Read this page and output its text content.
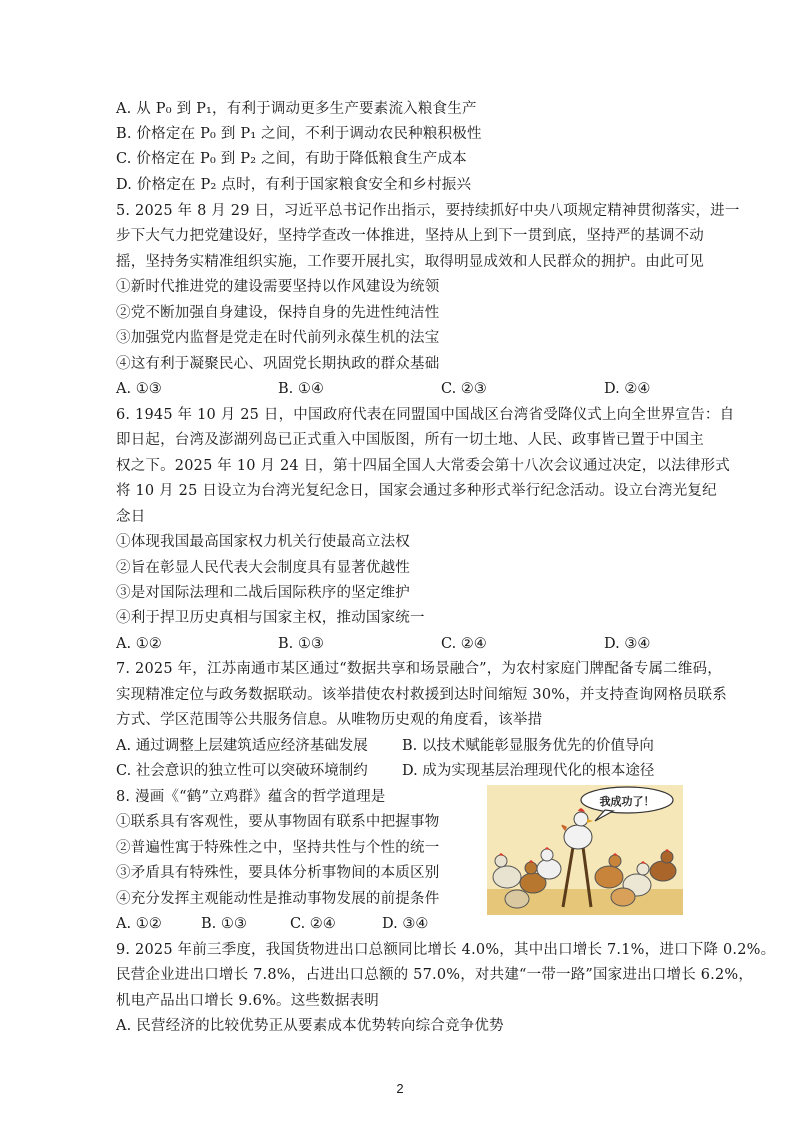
A. 从 P₀ 到 P₁，有利于调动更多生产要素流入粮食生产
B. 价格定在 P₀ 到 P₁ 之间，不利于调动农民种粮积极性
C. 价格定在 P₀ 到 P₂ 之间，有助于降低粮食生产成本
D. 价格定在 P₂ 点时，有利于国家粮食安全和乡村振兴
5. 2025 年 8 月 29 日，习近平总书记作出指示，要持续抓好中央八项规定精神贯彻落实，进一
步下大气力把党建设好，坚持学查改一体推进，坚持从上到下一贯到底，坚持严的基调不动
摇，坚持务实精准组织实施，工作要开展扎实，取得明显成效和人民群众的拥护。由此可见
①新时代推进党的建设需要坚持以作风建设为统领
②党不断加强自身建设，保持自身的先进性纯洁性
③加强党内监督是党走在时代前列永葆生机的法宝
④这有利于凝聚民心、巩固党长期执政的群众基础
A. ①③	B. ①④	C. ②③	D. ②④
6. 1945 年 10 月 25 日，中国政府代表在同盟国中国战区台湾省受降仪式上向全世界宣告：自
即日起，台湾及澎湖列岛已正式重入中国版图，所有一切土地、人民、政事皆已置于中国主
权之下。2025 年 10 月 24 日，第十四届全国人大常委会第十八次会议通过决定，以法律形式
将 10 月 25 日设立为台湾光复纪念日，国家会通过多种形式举行纪念活动。设立台湾光复纪
念日
①体现我国最高国家权力机关行使最高立法权
②旨在彰显人民代表大会制度具有显著优越性
③是对国际法理和二战后国际秩序的坚定维护
④利于捍卫历史真相与国家主权，推动国家统一
A. ①②	B. ①③	C. ②④	D. ③④
7. 2025 年，江苏南通市某区通过“数据共享和场景融合”，为农村家庭门牌配备专属二维码，
实现精准定位与政务数据联动。该举措使农村救援到达时间缩短 30%，并支持查询网格员联系
方式、学区范围等公共服务信息。从唯物历史观的角度看，该举措
A. 通过调整上层建筑适应经济基础发展 B. 以技术赋能彰显服务优先的价值导向
C. 社会意识的独立性可以突破环境制约 D. 成为实现基层治理现代化的根本途径
8. 漫画《“鹤”立鸡群》蕴含的哲学道理是
①联系具有客观性，要从事物固有联系中把握事物
②普遍性寓于特殊性之中，坚持共性与个性的统一
③矛盾具有特殊性，要具体分析事物间的本质区别
④充分发挥主观能动性是推动事物发展的前提条件
A. ①②	B. ①③	C. ②④	D. ③④
我成功了！
9. 2025 年前三季度，我国货物进出口总额同比增长 4.0%，其中出口增长 7.1%，进口下降 0.2%。
民营企业进出口增长 7.8%，占进出口总额的 57.0%，对共建“一带一路”国家进出口增长 6.2%，
机电产品出口增长 9.6%。这些数据表明
A. 民营经济的比较优势正从要素成本优势转向综合竞争优势
2
